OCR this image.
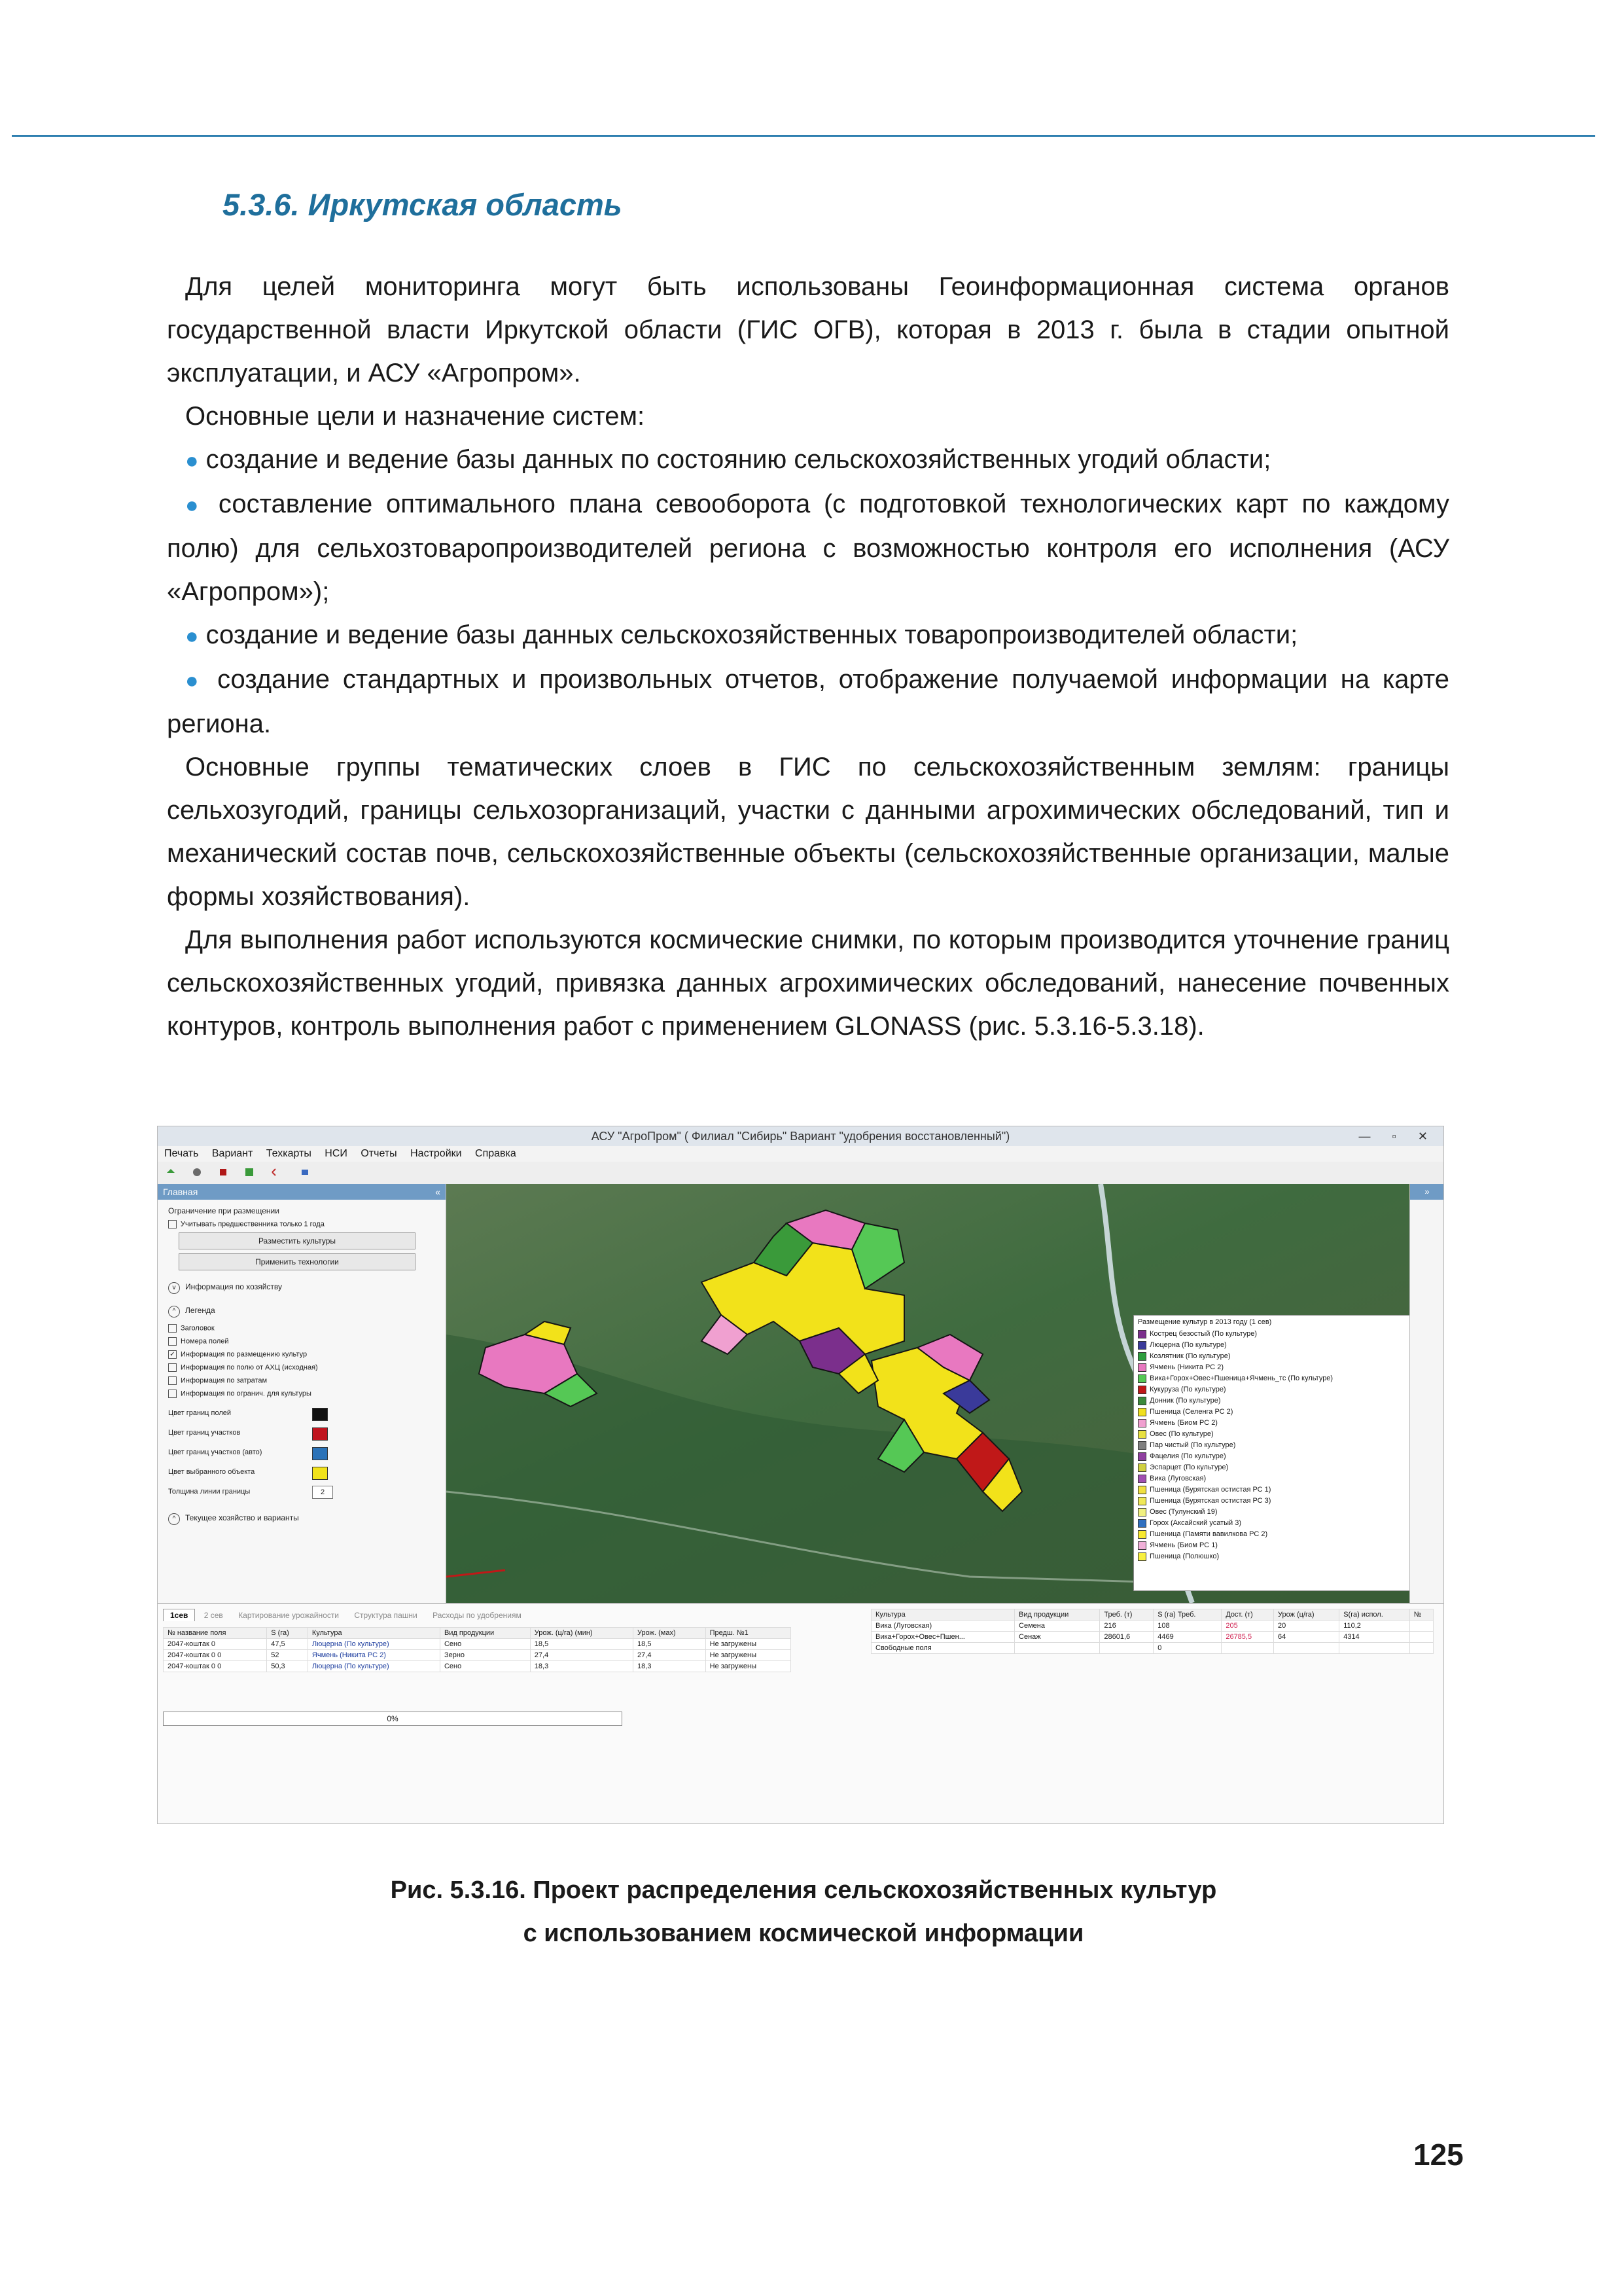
5.3.6. Иркутская область

Для целей мониторинга могут быть использованы Геоинформационная система органов государственной власти Иркутской области (ГИС ОГВ), которая в 2013 г. была в стадии опытной эксплуатации, и АСУ «Агропром».

Основные цели и назначение систем:

● создание и ведение базы данных по состоянию сельскохозяйственных угодий области;

● составление оптимального плана севооборота (с подготовкой технологических карт по каждому полю) для сельхозтоваропроизводителей региона с возможностью контроля его исполнения (АСУ «Агропром»);

● создание и ведение базы данных сельскохозяйственных товаропроизводителей области;

● создание стандартных и произвольных отчетов, отображение получаемой информации на карте региона.

Основные группы тематических слоев в ГИС по сельскохозяйственным землям: границы сельхозугодий, границы сельхозорганизаций, участки с данными агрохимических обследований, тип и механический состав почв, сельскохозяйственные объекты (сельскохозяйственные организации, малые формы хозяйствования).

Для выполнения работ используются космические снимки, по которым производится уточнение границ сельскохозяйственных угодий, привязка данных агрохимических обследований, нанесение почвенных контуров, контроль выполнения работ с применением GLONASS (рис. 5.3.16-5.3.18).

АСУ "АгроПром" ( Филиал "Сибирь" Вариант "удобрения восстановленный")	— ▫ ✕
Печать Вариант Техкарты НСИ Отчеты Настройки Справка
Главная	«
Ограничение при размещении
Учитывать предшественника только 1 года
Разместить культуры
Применить технологии
v Информация по хозяйству
^ Легенда
Заголовок
Номера полей
✓ Информация по размещению культур
Информация по полю от АХЦ (исходная)
Информация по затратам
Информация по огранич. для культуры
Цвет границ полей
Цвет границ участков
Цвет границ участков (авто)
Цвет выбранного объекта
Толщина линии границы	2
^ Текущее хозяйство и варианты
Размещение культур в 2013 году (1 сев)
Кострец безостый (По культуре)
Люцерна (По культуре)
Козлятник (По культуре)
Ячмень (Никита РС 2)
Вика+Горох+Овес+Пшеница+Ячмень_тс (По культуре)
Кукуруза (По культуре)
Донник (По культуре)
Пшеница (Селенга РС 2)
Ячмень (Биом РС 2)
Овес (По культуре)
Пар чистый (По культуре)
Фацелия (По культуре)
Эспарцет (По культуре)
Вика (Луговская)
Пшеница (Бурятская остистая РС 1)
Пшеница (Бурятская остистая РС 3)
Овес (Тулунский 19)
Горох (Аксайский усатый 3)
Пшеница (Памяти вавилкова РС 2)
Ячмень (Биом РС 1)
Пшеница (Полюшко)
»
1сев 2 сев Картирование урожайности Структура пашни Расходы по удобрениям
№ название поля	S (га)	Культура	Вид продукции	Урож. (ц/га) (мин)	Урож. (мах)	Предш. №1
2047-коштак 0	47,5	Люцерна (По культуре)	Сено	18,5	18,5	Не загружены
2047-коштак 0 0	52	Ячмень (Никита РС 2)	Зерно	27,4	27,4	Не загружены
2047-коштак 0 0	50,3	Люцерна (По культуре)	Сено	18,3	18,3	Не загружены
Культура	Вид продукции	Треб. (т)	S (га) Треб.	Дост. (т)	Урож (ц/га)	S(га) испол.	№
Вика (Луговская)	Семена	216	108	205	20	110,2	
Вика+Горох+Овес+Пшен...	Сенаж	28601,6	4469	26785,5	64	4314	
Свободные поля			0				
0%
Рис. 5.3.16. Проект распределения сельскохозяйственных культур
с использованием космической информации
125
